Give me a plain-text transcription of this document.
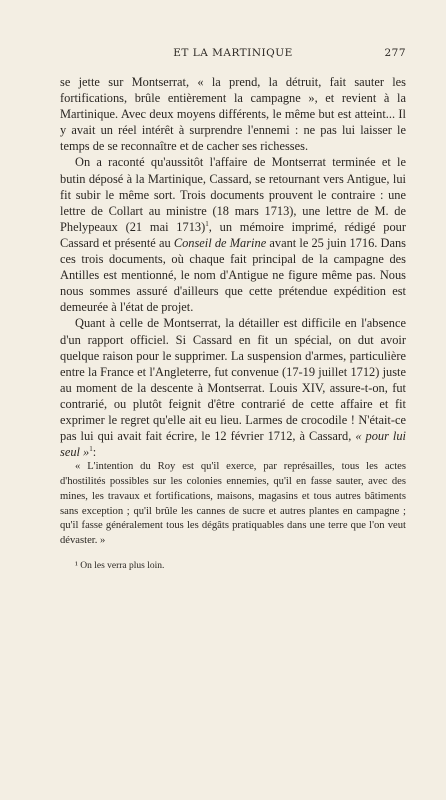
ET LA MARTINIQUE	277

se jette sur Montserrat, « la prend, la détruit, fait sauter les fortifications, brûle entièrement la campagne », et revient à la Martinique. Avec deux moyens différents, le même but est atteint... Il y avait un réel intérêt à surprendre l'ennemi : ne pas lui laisser le temps de se reconnaître et de cacher ses richesses.

On a raconté qu'aussitôt l'affaire de Montserrat terminée et le butin déposé à la Martinique, Cassard, se retournant vers Antigue, lui fit subir le même sort. Trois documents prouvent le contraire : une lettre de Collart au ministre (18 mars 1713), une lettre de M. de Phelypeaux (21 mai 1713)$^1$, un mémoire imprimé, rédigé pour Cassard et présenté au Conseil de Marine avant le 25 juin 1716. Dans ces trois documents, où chaque fait principal de la campagne des Antilles est mentionné, le nom d'Antigue ne figure même pas. Nous nous sommes assuré d'ailleurs que cette prétendue expédition est demeurée à l'état de projet.

Quant à celle de Montserrat, la détailler est difficile en l'absence d'un rapport officiel. Si Cassard en fit un spécial, on dut avoir quelque raison pour le supprimer. La suspension d'armes, particulière entre la France et l'Angleterre, fut convenue (17-19 juillet 1712) juste au moment de la descente à Montserrat. Louis XIV, assure-t-on, fut contrarié, ou plutôt feignit d'être contrarié de cette affaire et fit exprimer le regret qu'elle ait eu lieu. Larmes de crocodile ! N'était-ce pas lui qui avait fait écrire, le 12 février 1712, à Cassard, « pour lui seul »$^1$:

« L'intention du Roy est qu'il exerce, par représailles, tous les actes d'hostilités possibles sur les colonies ennemies, qu'il en fasse sauter, avec des mines, les travaux et fortifications, maisons, magasins et tous autres bâtiments sans exception ; qu'il brûle les cannes de sucre et autres plantes en campagne ; qu'il fasse généralement tous les dégâts pratiquables dans une terre que l'on veut dévaster. »

¹ On les verra plus loin.
